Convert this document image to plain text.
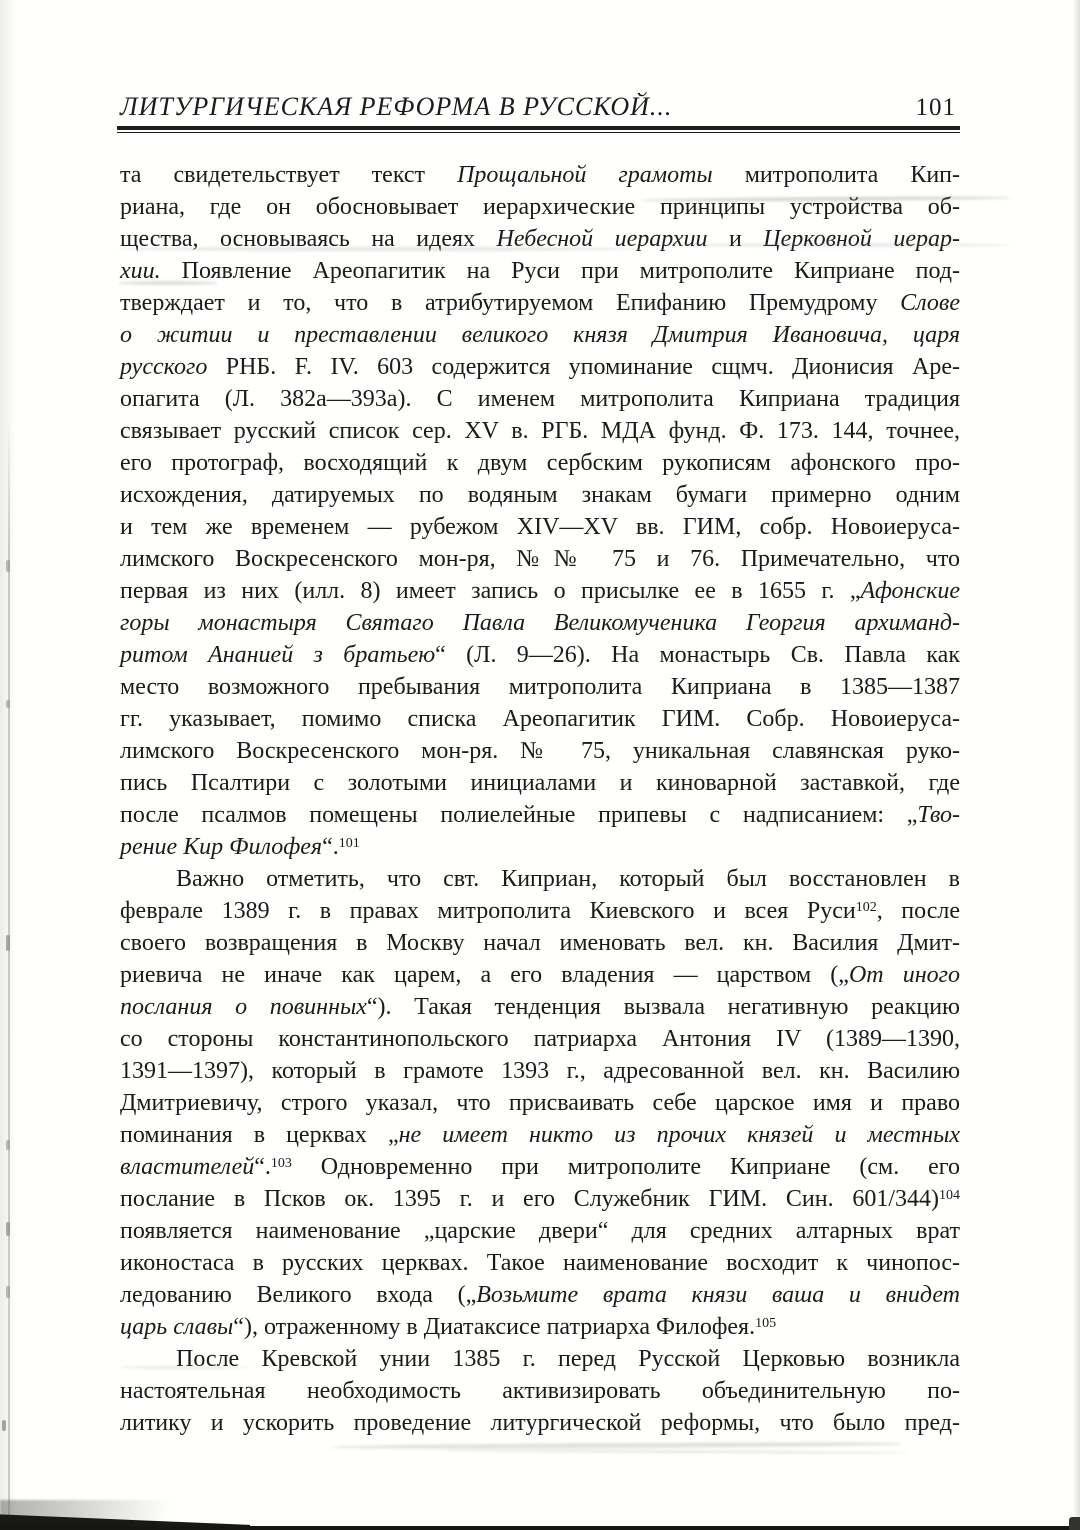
ЛИТУРГИЧЕСКАЯ РЕФОРМА В РУССКОЙ...	101
та свидетельствует текст Прощальной грамоты митрополита Кип-
риана, где он обосновывает иерархические принципы устройства об-
щества, основываясь на идеях Небесной иерархии и Церковной иерар-
хии. Появление Ареопагитик на Руси при митрополите Киприане под-
тверждает и то, что в атрибутируемом Епифанию Премудрому Слове
о житии и преставлении великого князя Дмитрия Ивановича, царя
русского РНБ. F. IV. 603 содержится упоминание сщмч. Дионисия Аре-
опагита (Л. 382а—393а). С именем митрополита Киприана традиция
связывает русский список сер. XV в. РГБ. МДА фунд. Ф. 173. 144, точнее,
его протограф, восходящий к двум сербским рукописям афонского про-
исхождения, датируемых по водяным знакам бумаги примерно одним
и тем же временем — рубежом XIV—XV вв. ГИМ, собр. Новоиеруса-
лимского Воскресенского мон-ря, №№ 75 и 76. Примечательно, что
первая из них (илл. 8) имеет запись о присылке ее в 1655 г. „Афонские
горы монастыря Святаго Павла Великомученика Георгия архиманд-
ритом Ананией з братьею“ (Л. 9—26). На монастырь Св. Павла как
место возможного пребывания митрополита Киприана в 1385—1387
гг. указывает, помимо списка Ареопагитик ГИМ. Собр. Новоиеруса-
лимского Воскресенского мон-ря. № 75, уникальная славянская руко-
пись Псалтири с золотыми инициалами и киноварной заставкой, где
после псалмов помещены полиелейные припевы с надписанием: „Тво-
рение Кир Филофея“.$^{101}$
Важно отметить, что свт. Киприан, который был восстановлен в
феврале 1389 г. в правах митрополита Киевского и всея Руси$^{102}$, после
своего возвращения в Москву начал именовать вел. кн. Василия Дмит-
риевича не иначе как царем, а его владения — царством („От иного
послания о повинных“). Такая тенденция вызвала негативную реакцию
со стороны константинопольского патриарха Антония IV (1389—1390,
1391—1397), который в грамоте 1393 г., адресованной вел. кн. Василию
Дмитриевичу, строго указал, что присваивать себе царское имя и право
поминания в церквах „не имеет никто из прочих князей и местных
властителей“.$^{103}$ Одновременно при митрополите Киприане (см. его
послание в Псков ок. 1395 г. и его Служебник ГИМ. Син. 601/344)$^{104}$
появляется наименование „царские двери“ для средних алтарных врат
иконостаса в русских церквах. Такое наименование восходит к чинопос-
ледованию Великого входа („Возьмите врата князи ваша и внидет
царь славы“), отраженному в Диатаксисе патриарха Филофея.$^{105}$
После Кревской унии 1385 г. перед Русской Церковью возникла
настоятельная необходимость активизировать объединительную по-
литику и ускорить проведение литургической реформы, что было пред-
